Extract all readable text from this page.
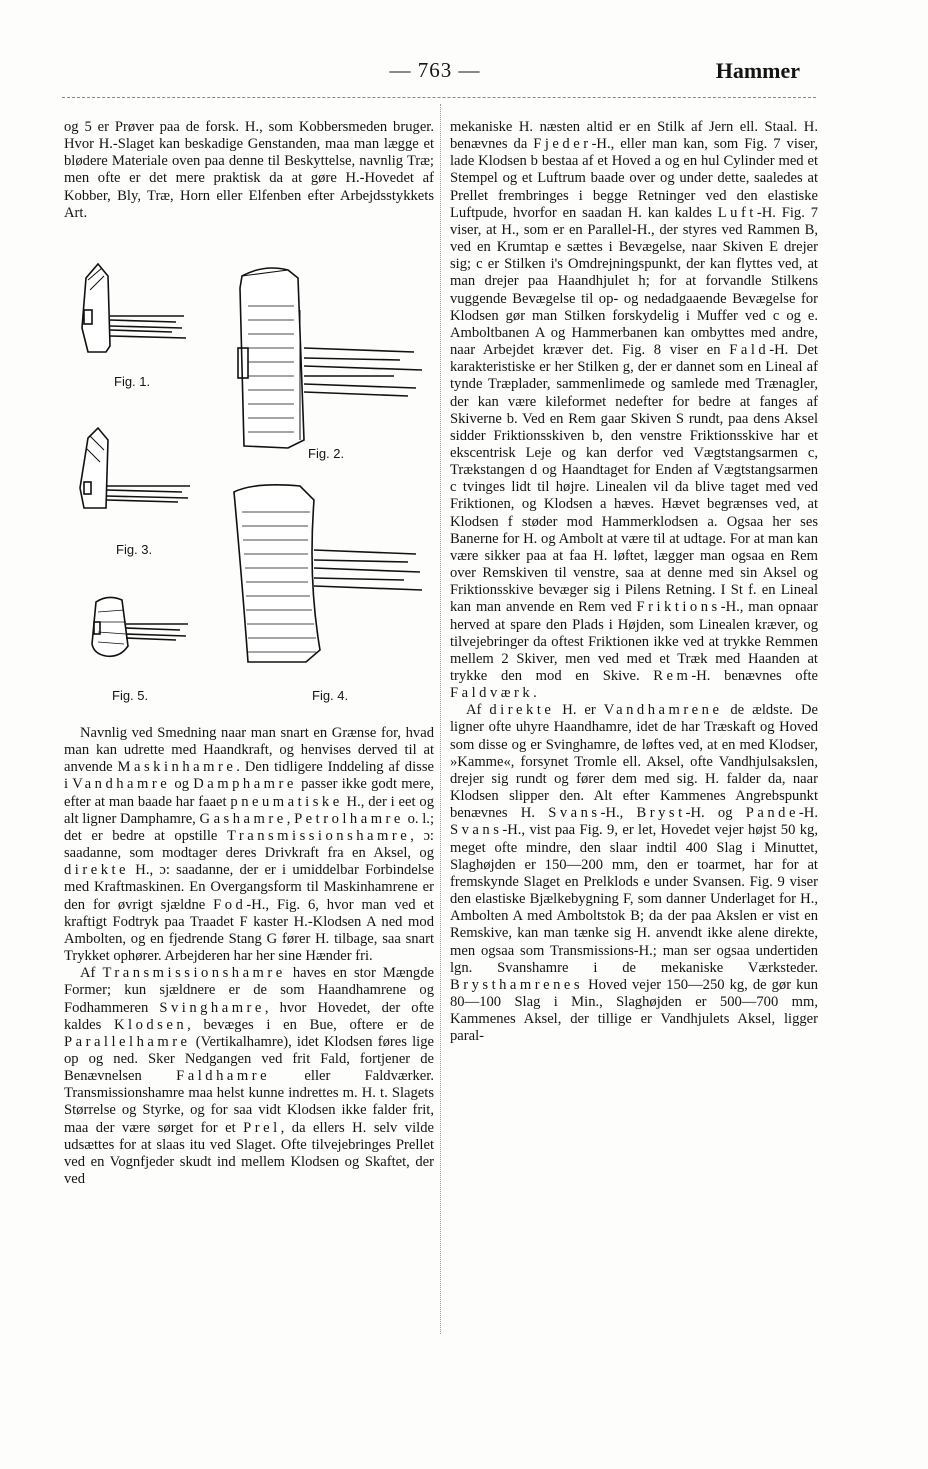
— 763 —	Hammer

og 5 er Prøver paa de forsk. H., som Kobbersmeden bruger. Hvor H.-Slaget kan beskadige Genstanden, maa man lægge et blødere Materiale oven paa denne til Beskyttelse, navnlig Træ; men ofte er det mere praktisk da at gøre H.-Hovedet af Kobber, Bly, Træ, Horn eller Elfenben efter Arbejdsstykkets Art.

Fig. 1.
Fig. 2.
Fig. 3.
Fig. 5.	Fig. 4.

Navnlig ved Smedning naar man snart en Grænse for, hvad man kan udrette med Haandkraft, og henvises derved til at anvende Maskinhamre. Den tidligere Inddeling af disse i Vandhamre og Damphamre passer ikke godt mere, efter at man baade har faaet pneumatiske H., der i eet og alt ligner Damphamre, Gashamre, Petrolhamre o. l.; det er bedre at opstille Transmissionshamre, ɔ: saadanne, som modtager deres Drivkraft fra en Aksel, og direkte H., ɔ: saadanne, der er i umiddelbar Forbindelse med Kraftmaskinen. En Overgangsform til Maskinhamrene er den for øvrigt sjældne Fod-H., Fig. 6, hvor man ved et kraftigt Fodtryk paa Traadet F kaster H.-Klodsen A ned mod Ambolten, og en fjedrende Stang G fører H. tilbage, saa snart Trykket ophører. Arbejderen har her sine Hænder fri.

Af Transmissionshamre haves en stor Mængde Former; kun sjældnere er de som Haandhamrene og Fodhammeren Svinghamre, hvor Hovedet, der ofte kaldes Klodsen, bevæges i en Bue, oftere er de Parallelhamre (Vertikalhamre), idet Klodsen føres lige op og ned. Sker Nedgangen ved frit Fald, fortjener de Benævnelsen Faldhamre eller Faldværker. Transmissionshamre maa helst kunne indrettes m. H. t. Slagets Størrelse og Styrke, og for saa vidt Klodsen ikke falder frit, maa der være sørget for et Prel, da ellers H. selv vilde udsættes for at slaas itu ved Slaget. Ofte tilvejebringes Prellet ved en Vognfjeder skudt ind mellem Klodsen og Skaftet, der ved

mekaniske H. næsten altid er en Stilk af Jern ell. Staal. H. benævnes da Fjeder-H., eller man kan, som Fig. 7 viser, lade Klodsen b bestaa af et Hoved a og en hul Cylinder med et Stempel og et Luftrum baade over og under dette, saaledes at Prellet frembringes i begge Retninger ved den elastiske Luftpude, hvorfor en saadan H. kan kaldes Luft-H. Fig. 7 viser, at H., som er en Parallel-H., der styres ved Rammen B, ved en Krumtap e sættes i Bevægelse, naar Skiven E drejer sig; c er Stilken i's Omdrejningspunkt, der kan flyttes ved, at man drejer paa Haandhjulet h; for at forvandle Stilkens vuggende Bevægelse til op- og nedadgaaende Bevægelse for Klodsen gør man Stilken forskydelig i Muffer ved c og e. Amboltbanen A og Hammerbanen kan ombyttes med andre, naar Arbejdet kræver det. Fig. 8 viser en Fald-H. Det karakteristiske er her Stilken g, der er dannet som en Lineal af tynde Træplader, sammenlimede og samlede med Trænagler, der kan være kileformet nedefter for bedre at fanges af Skiverne b. Ved en Rem gaar Skiven S rundt, paa dens Aksel sidder Friktionsskiven b, den venstre Friktionsskive har et ekscentrisk Leje og kan derfor ved Vægtstangsarmen c, Trækstangen d og Haandtaget for Enden af Vægtstangsarmen c tvinges lidt til højre. Linealen vil da blive taget med ved Friktionen, og Klodsen a hæves. Hævet begrænses ved, at Klodsen f støder mod Hammerklodsen a. Ogsaa her ses Banerne for H. og Ambolt at være til at udtage. For at man kan være sikker paa at faa H. løftet, lægger man ogsaa en Rem over Remskiven til venstre, saa at denne med sin Aksel og Friktionsskive bevæger sig i Pilens Retning. I St f. en Lineal kan man anvende en Rem ved Friktions-H., man opnaar herved at spare den Plads i Højden, som Linealen kræver, og tilvejebringer da oftest Friktionen ikke ved at trykke Remmen mellem 2 Skiver, men ved med et Træk med Haanden at trykke den mod en Skive. Rem-H. benævnes ofte Faldværk.

Af direkte H. er Vandhamrene de ældste. De ligner ofte uhyre Haandhamre, idet de har Træskaft og Hoved som disse og er Svinghamre, de løftes ved, at en med Klodser, »Kamme«, forsynet Tromle ell. Aksel, ofte Vandhjulsakslen, drejer sig rundt og fører dem med sig. H. falder da, naar Klodsen slipper den. Alt efter Kammenes Angrebspunkt benævnes H. Svans-H., Bryst-H. og Pande-H. Svans-H., vist paa Fig. 9, er let, Hovedet vejer højst 50 kg, meget ofte mindre, den slaar indtil 400 Slag i Minuttet, Slaghøjden er 150—200 mm, den er toarmet, har for at fremskynde Slaget en Prelklods e under Svansen. Fig. 9 viser den elastiske Bjælkebygning F, som danner Underlaget for H., Ambolten A med Amboltstok B; da der paa Akslen er vist en Remskive, kan man tænke sig H. anvendt ikke alene direkte, men ogsaa som Transmissions-H.; man ser ogsaa undertiden lgn. Svanshamre i de mekaniske Værksteder. Brysthamrenes Hoved vejer 150—250 kg, de gør kun 80—100 Slag i Min., Slaghøjden er 500—700 mm, Kammenes Aksel, der tillige er Vandhjulets Aksel, ligger paral-
